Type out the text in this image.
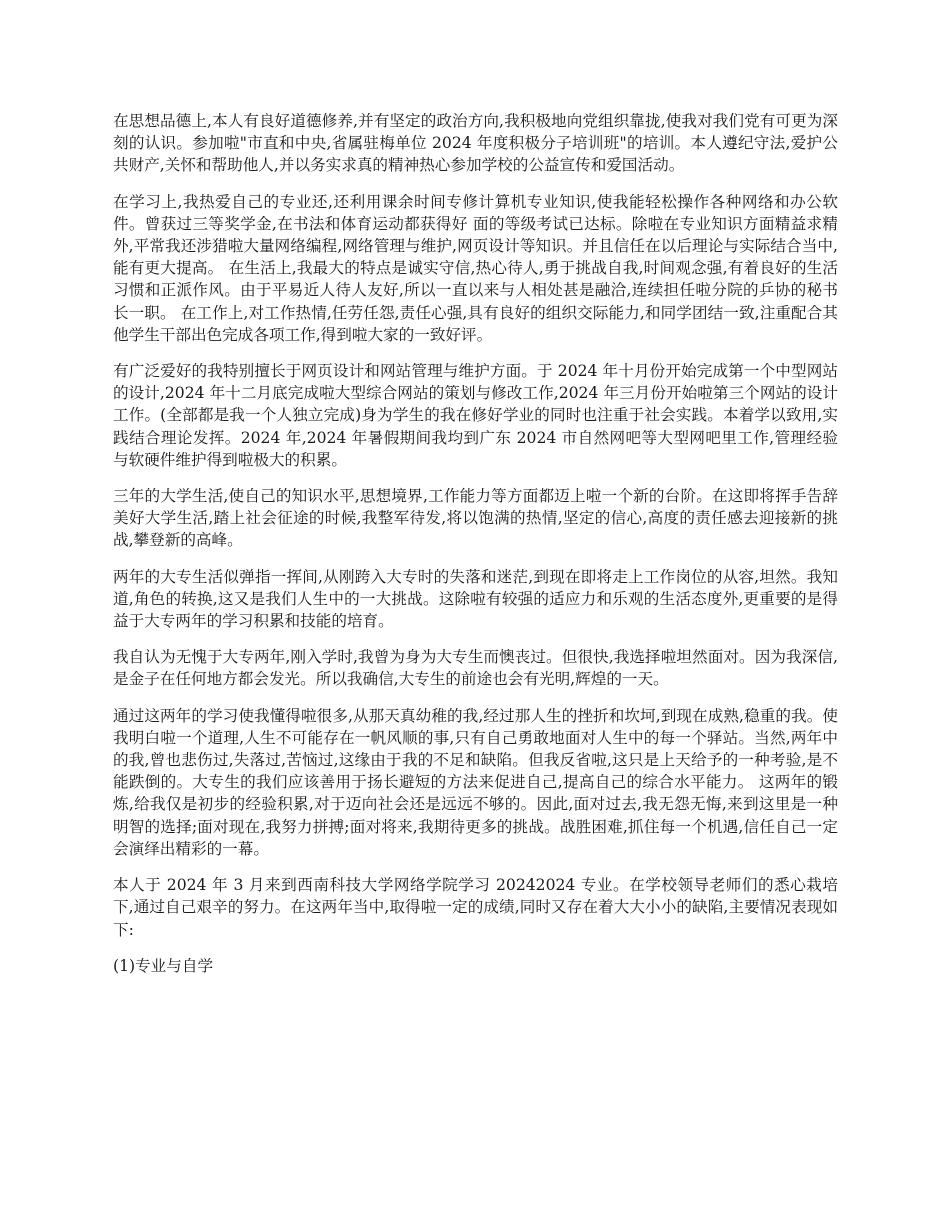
在思想品德上,本人有良好道德修养,并有坚定的政治方向,我积极地向党组织靠拢,使我对我们党有可更为深刻的认识。参加啦"市直和中央,省属驻梅单位 2024 年度积极分子培训班"的培训。本人遵纪守法,爱护公共财产,关怀和帮助他人,并以务实求真的精神热心参加学校的公益宣传和爱国活动。

在学习上,我热爱自己的专业还,还利用课余时间专修计算机专业知识,使我能轻松操作各种网络和办公软件。曾获过三等奖学金,在书法和体育运动都获得好 面的等级考试已达标。除啦在专业知识方面精益求精外,平常我还涉猎啦大量网络编程,网络管理与维护,网页设计等知识。并且信任在以后理论与实际结合当中,能有更大提高。 在生活上,我最大的特点是诚实守信,热心待人,勇于挑战自我,时间观念强,有着良好的生活习惯和正派作风。由于平易近人待人友好,所以一直以来与人相处甚是融洽,连续担任啦分院的乒协的秘书长一职。 在工作上,对工作热情,任劳任怨,责任心强,具有良好的组织交际能力,和同学团结一致,注重配合其他学生干部出色完成各项工作,得到啦大家的一致好评。

有广泛爱好的我特别擅长于网页设计和网站管理与维护方面。于 2024 年十月份开始完成第一个中型网站的设计,2024 年十二月底完成啦大型综合网站的策划与修改工作,2024 年三月份开始啦第三个网站的设计工作。(全部都是我一个人独立完成)身为学生的我在修好学业的同时也注重于社会实践。本着学以致用,实践结合理论发挥。2024 年,2024 年暑假期间我均到广东 2024 市自然网吧等大型网吧里工作,管理经验与软硬件维护得到啦极大的积累。

三年的大学生活,使自己的知识水平,思想境界,工作能力等方面都迈上啦一个新的台阶。在这即将挥手告辞美好大学生活,踏上社会征途的时候,我整军待发,将以饱满的热情,坚定的信心,高度的责任感去迎接新的挑战,攀登新的高峰。

两年的大专生活似弹指一挥间,从刚跨入大专时的失落和迷茫,到现在即将走上工作岗位的从容,坦然。我知道,角色的转换,这又是我们人生中的一大挑战。这除啦有较强的适应力和乐观的生活态度外,更重要的是得益于大专两年的学习积累和技能的培育。

我自认为无愧于大专两年,刚入学时,我曾为身为大专生而懊丧过。但很快,我选择啦坦然面对。因为我深信,是金子在任何地方都会发光。所以我确信,大专生的前途也会有光明,辉煌的一天。

通过这两年的学习使我懂得啦很多,从那天真幼稚的我,经过那人生的挫折和坎坷,到现在成熟,稳重的我。使我明白啦一个道理,人生不可能存在一帆风顺的事,只有自己勇敢地面对人生中的每一个驿站。当然,两年中的我,曾也悲伤过,失落过,苦恼过,这缘由于我的不足和缺陷。但我反省啦,这只是上天给予的一种考验,是不能跌倒的。大专生的我们应该善用于扬长避短的方法来促进自己,提高自己的综合水平能力。 这两年的锻炼,给我仅是初步的经验积累,对于迈向社会还是远远不够的。因此,面对过去,我无怨无悔,来到这里是一种明智的选择;面对现在,我努力拼搏;面对将来,我期待更多的挑战。战胜困难,抓住每一个机遇,信任自己一定会演绎出精彩的一幕。

本人于 2024 年 3 月来到西南科技大学网络学院学习 20242024 专业。在学校领导老师们的悉心栽培下,通过自己艰辛的努力。在这两年当中,取得啦一定的成绩,同时又存在着大大小小的缺陷,主要情况表现如下:

(1)专业与自学
